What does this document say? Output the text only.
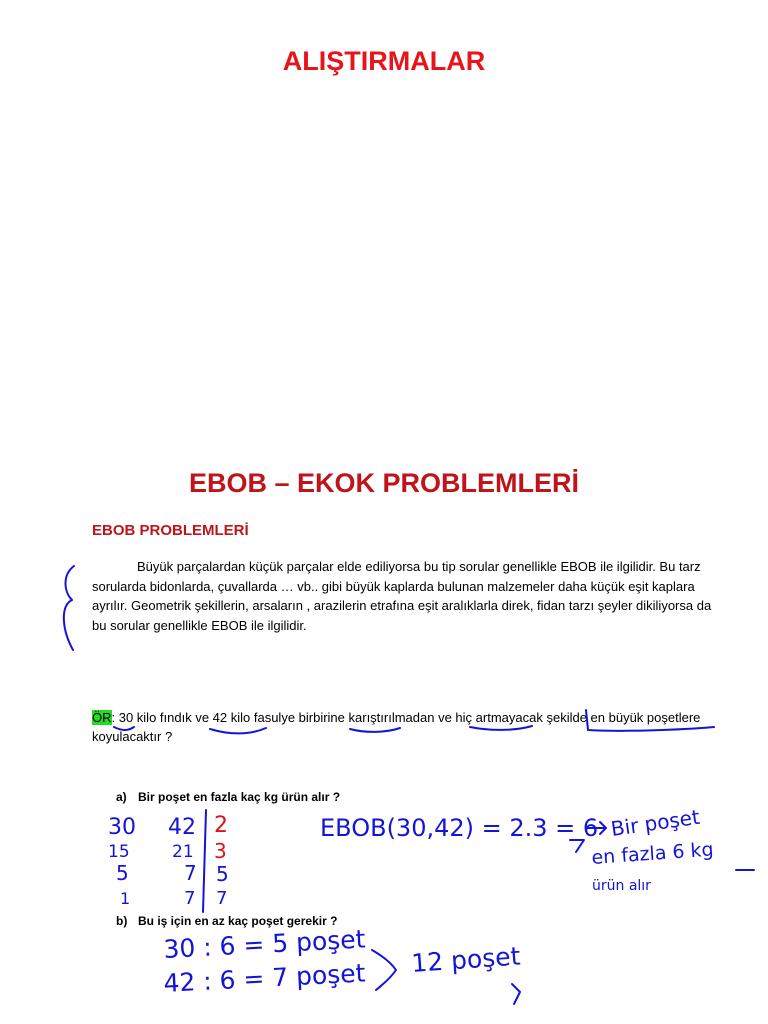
ALIŞTIRMALAR
EBOB – EKOK PROBLEMLERİ
EBOB PROBLEMLERİ
Büyük parçalardan küçük parçalar elde ediliyorsa bu tip sorular genellikle EBOB ile ilgilidir. Bu tarz sorularda bidonlarda, çuvallarda … vb.. gibi büyük kaplarda bulunan malzemeler daha küçük eşit kaplara ayrılır. Geometrik şekillerin, arsaların , arazilerin etrafına eşit aralıklarla direk, fidan tarzı şeyler dikiliyorsa da bu sorular genellikle EBOB ile ilgilidir.
ÖR: 30 kilo fındık ve 42 kilo fasulye birbirine karıştırılmadan ve hiç artmayacak şekilde en büyük poşetlere koyulacaktır ?
a) Bir poşet en fazla kaç kg ürün alır ?
b) Bu iş için en az kaç poşet gerekir ?
30
15
5
1
42
21
7
7
2
3
5
7
EBOB(30,42) = 2.3 = 6 Bir poşet
en fazla 6 kg
ürün alır
30 : 6 = 5 poşet
42 : 6 = 7 poşet 12 poşet
